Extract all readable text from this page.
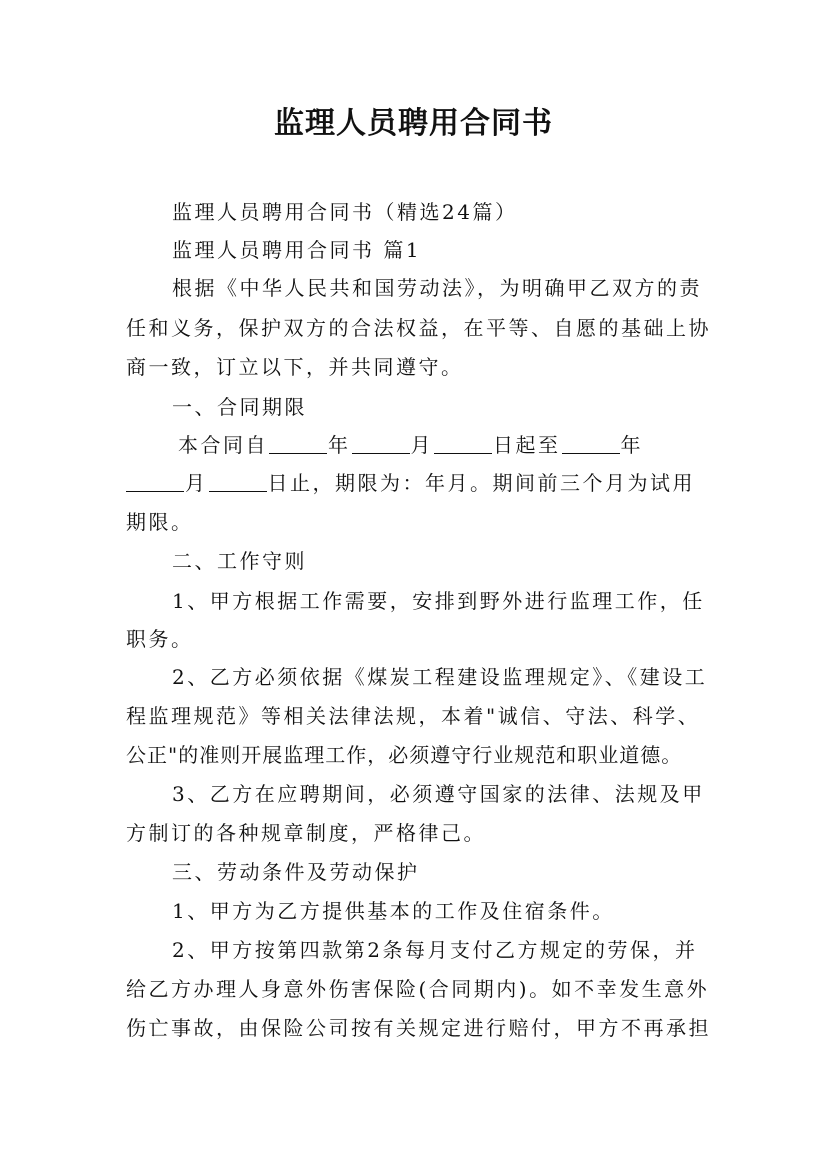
监理人员聘用合同书
监理人员聘用合同书（精选24篇）
监理人员聘用合同书 篇1
根据《中华人民共和国劳动法》，为明确甲乙双方的责
任和义务，保护双方的合法权益，在平等、自愿的基础上协
商一致，订立以下，并共同遵守。
一、合同期限
本合同自	年	月	日起至	年
月	日止，期限为：年月。期间前三个月为试用
期限。
二、工作守则
1、甲方根据工作需要，安排到野外进行监理工作，任
职务。
2、乙方必须依据《煤炭工程建设监理规定》、《建设工
程监理规范》等相关法律法规，本着"诚信、守法、科学、
公正"的准则开展监理工作，必须遵守行业规范和职业道德。
3、乙方在应聘期间，必须遵守国家的法律、法规及甲
方制订的各种规章制度，严格律己。
三、劳动条件及劳动保护
1、甲方为乙方提供基本的工作及住宿条件。
2、甲方按第四款第2条每月支付乙方规定的劳保，并
给乙方办理人身意外伤害保险(合同期内)。如不幸发生意外
伤亡事故，由保险公司按有关规定进行赔付，甲方不再承担
